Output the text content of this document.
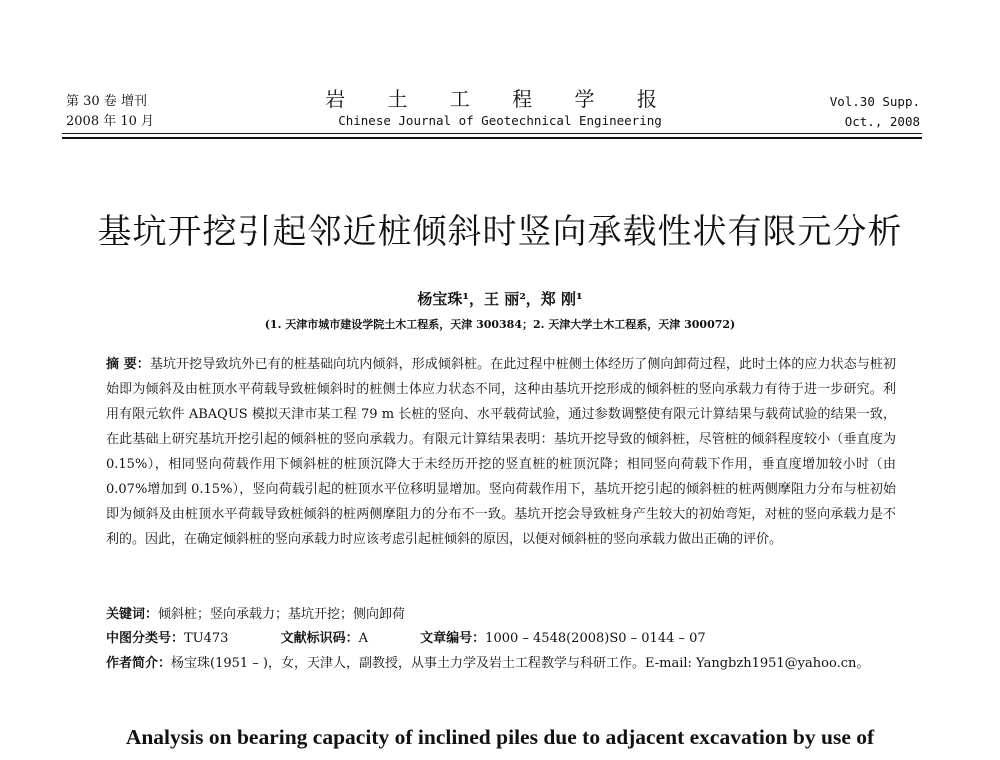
第 30 卷 增刊
2008 年 10 月
岩 土 工 程 学 报
Chinese Journal of Geotechnical Engineering
Vol.30 Supp.
Oct., 2008
基坑开挖引起邻近桩倾斜时竖向承载性状有限元分析
杨宝珠¹，王 丽²，郑 刚¹
(1. 天津市城市建设学院土木工程系，天津 300384；2. 天津大学土木工程系，天津 300072)
摘 要：基坑开挖导致坑外已有的桩基础向坑内倾斜，形成倾斜桩。在此过程中桩侧土体经历了侧向卸荷过程，此时土体的应力状态与桩初始即为倾斜及由桩顶水平荷载导致桩倾斜时的桩侧土体应力状态不同，这种由基坑开挖形成的倾斜桩的竖向承载力有待于进一步研究。利用有限元软件 ABAQUS 模拟天津市某工程 79 m 长桩的竖向、水平载荷试验，通过参数调整使有限元计算结果与载荷试验的结果一致，在此基础上研究基坑开挖引起的倾斜桩的竖向承载力。有限元计算结果表明：基坑开挖导致的倾斜桩，尽管桩的倾斜程度较小（垂直度为 0.15%），相同竖向荷载作用下倾斜桩的桩顶沉降大于未经历开挖的竖直桩的桩顶沉降；相同竖向荷载下作用，垂直度增加较小时（由 0.07%增加到 0.15%），竖向荷载引起的桩顶水平位移明显增加。竖向荷载作用下，基坑开挖引起的倾斜桩的桩两侧摩阻力分布与桩初始即为倾斜及由桩顶水平荷载导致桩倾斜的桩两侧摩阻力的分布不一致。基坑开挖会导致桩身产生较大的初始弯矩，对桩的竖向承载力是不利的。因此，在确定倾斜桩的竖向承载力时应该考虑引起桩倾斜的原因，以便对倾斜桩的竖向承载力做出正确的评价。
关键词：倾斜桩；竖向承载力；基坑开挖；侧向卸荷
中图分类号：TU473	文献标识码：A	文章编号：1000 – 4548(2008)S0 – 0144 – 07
作者简介：杨宝珠(1951 – )，女，天津人，副教授，从事土力学及岩土工程教学与科研工作。E-mail: Yangbzh1951@yahoo.cn。
Analysis on bearing capacity of inclined piles due to adjacent excavation by use of
